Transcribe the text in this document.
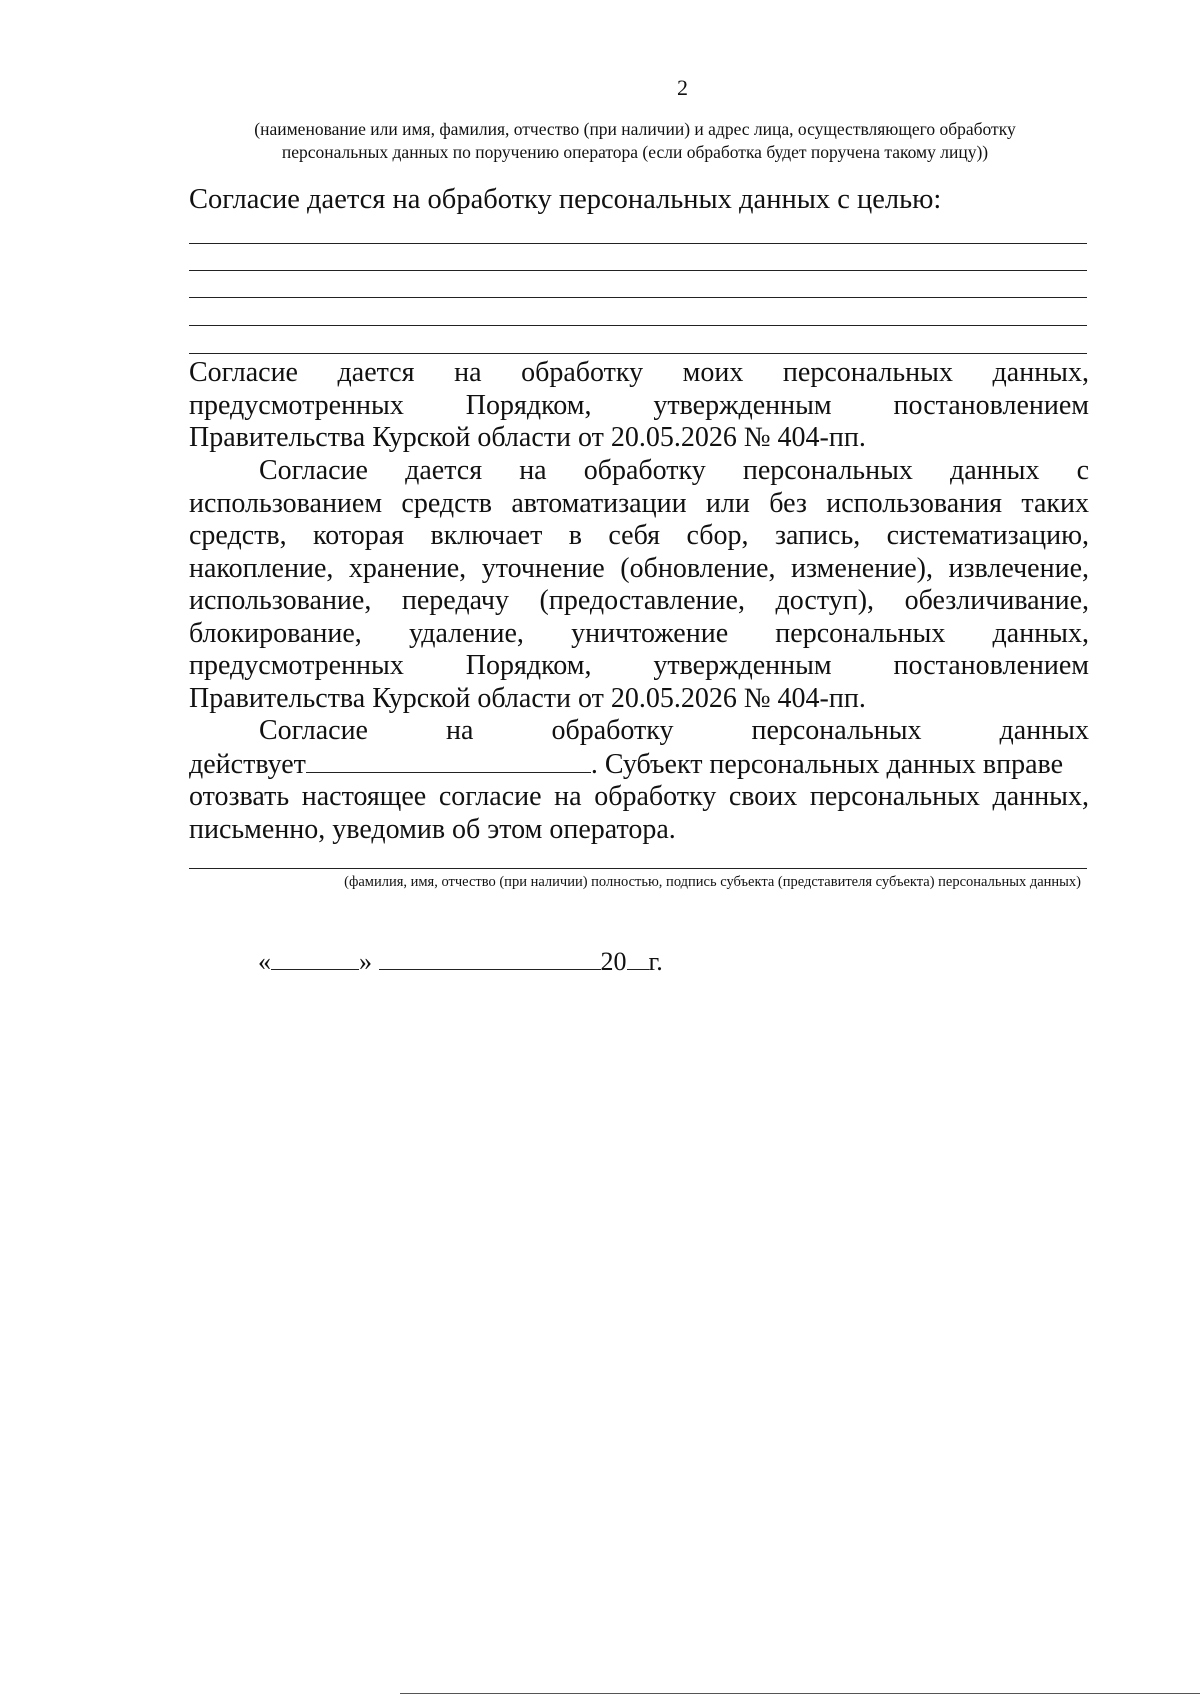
2
(наименование или имя, фамилия, отчество (при наличии) и адрес лица, осуществляющего обработку
персональных данных по поручению оператора (если обработка будет поручена такому лицу))
Согласие дается на обработку персональных данных с целью:
Согласие дается на обработку моих персональных данных,
предусмотренных Порядком, утвержденным постановлением
Правительства Курской области от 20.05.2026 № 404-пп.
Согласие дается на обработку персональных данных с
использованием средств автоматизации или без использования таких
средств, которая включает в себя сбор, запись, систематизацию,
накопление, хранение, уточнение (обновление, изменение), извлечение,
использование, передачу (предоставление, доступ), обезличивание,
блокирование, удаление, уничтожение персональных данных,
предусмотренных Порядком, утвержденным постановлением
Правительства Курской области от 20.05.2026 № 404-пп.
Согласие на обработку персональных данных
действует	. Субъект персональных данных вправе
отозвать настоящее согласие на обработку своих персональных данных,
письменно, уведомив об этом оператора.
(фамилия, имя, отчество (при наличии) полностью, подпись субъекта (представителя субъекта) персональных данных)
«	»	20 г.
